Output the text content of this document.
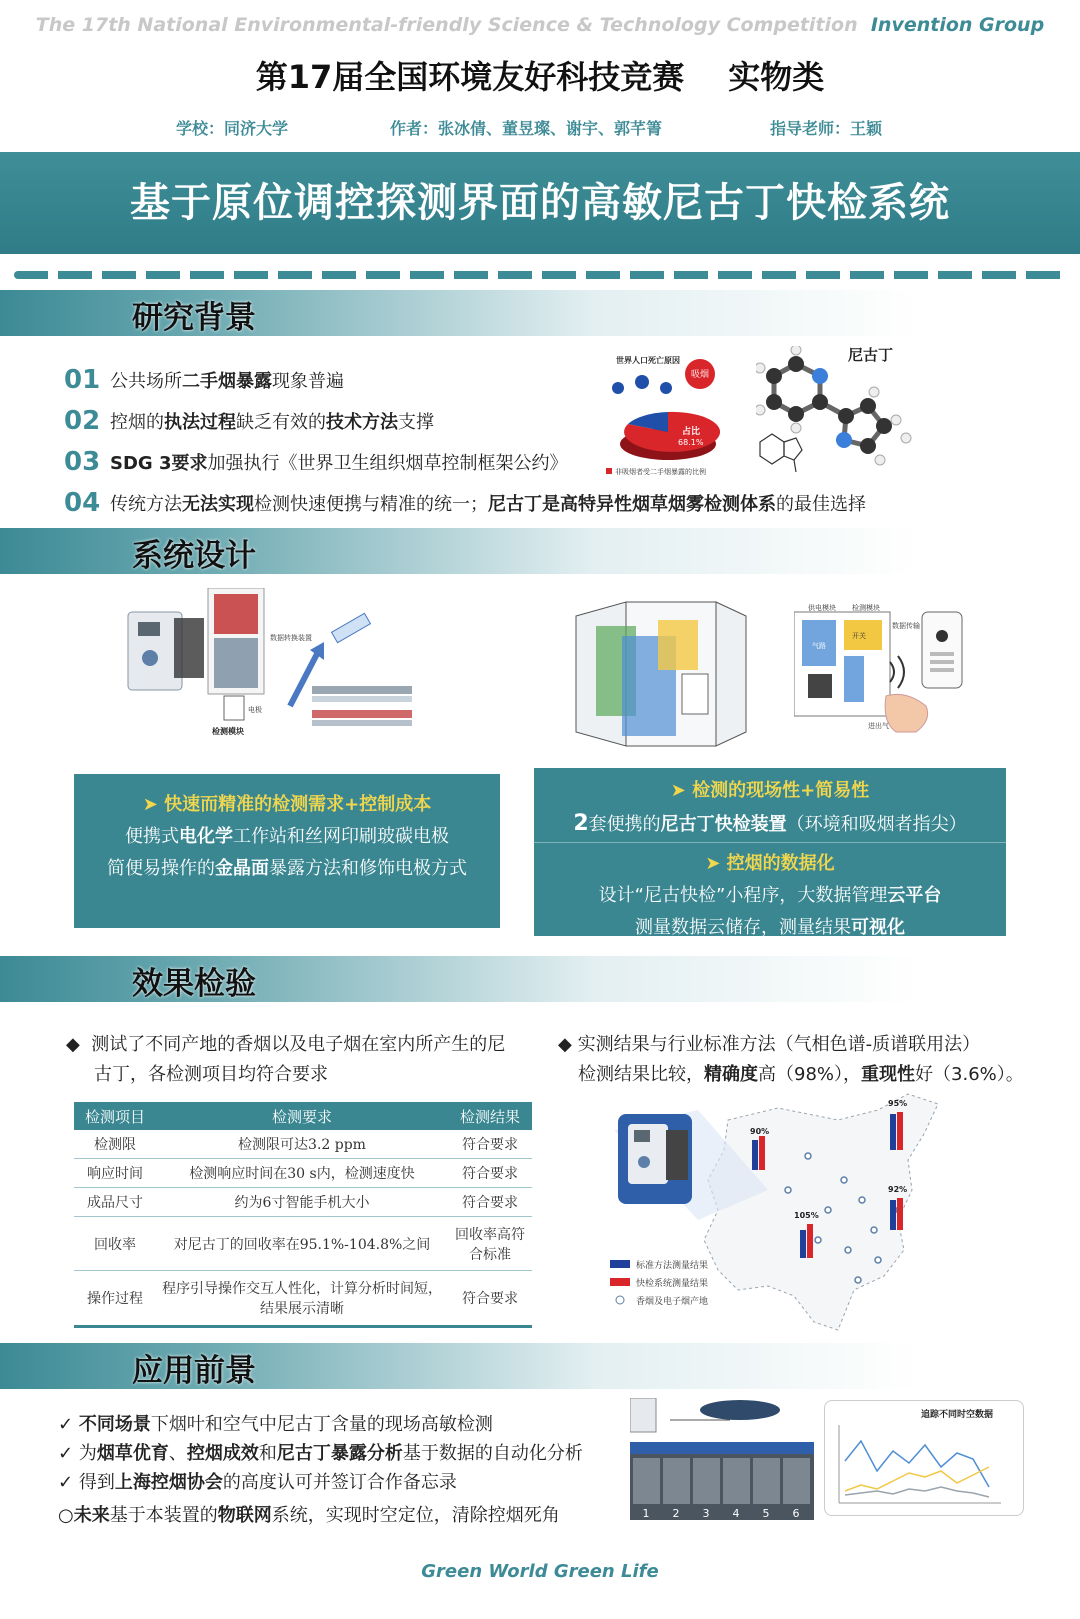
The 17th National Environmental-friendly Science & Technology Competition Invention Group
第17届全国环境友好科技竞赛 实物类
学校：同济大学	作者：张冰倩、董昱璨、谢宇、郭芊箐	指导老师：王颖
基于原位调控探测界面的高敏尼古丁快检系统
研究背景
01 公共场所 二手烟暴露 现象普遍
02 控烟的 执法过程 缺乏有效的 技术方法 支撑
03 SDG 3要求 加强执行《世界卫生组织烟草控制框架公约》
04 传统方法 无法实现 检测快速便携与精准的统一； 尼古丁是高特异性烟草烟雾检测体系 的最佳选择
世界人口死亡原因
吸烟
占比
68.1%
非吸烟者受二手烟暴露的比例
尼古丁
系统设计
电极
检测模块
数据转换装置
供电模块 检测模块
气路
开关
数据传输
进出气
➤ 快速而精准的检测需求+控制成本
便携式电化学工作站和丝网印刷玻碳电极
简便易操作的金晶面暴露方法和修饰电极方式
➤ 检测的现场性+简易性
2套便携的尼古丁快检装置（环境和吸烟者指尖）
➤ 控烟的数据化
设计“尼古快检”小程序，大数据管理云平台
测量数据云储存，测量结果可视化
效果检验
◆  测试了不同产地的香烟以及电子烟在室内所产生的尼
古丁，各检测项目均符合要求
◆ 实测结果与行业标准方法（气相色谱-质谱联用法）
检测结果比较，精确度高（98%），重现性好（3.6%）。
检测项目	检测要求	检测结果
检测限	检测限可达3.2 ppm	符合要求
响应时间	检测响应时间在30 s内，检测速度快	符合要求
成品尺寸	约为6寸智能手机大小	符合要求
回收率	对尼古丁的回收率在95.1%-104.8%之间	回收率高符合标准
操作过程	程序引导操作交互人性化，计算分析时间短，结果展示清晰	符合要求
90%
95%
92%
105%
标准方法测量结果
快检系统测量结果
香烟及电子烟产地
应用前景
✓ 不同场景下烟叶和空气中尼古丁含量的现场高敏检测
✓ 为烟草优育、控烟成效和尼古丁暴露分析基于数据的自动化分析
✓ 得到上海控烟协会的高度认可并签订合作备忘录
○未来基于本装置的物联网系统，实现时空定位，清除控烟死角	1 2 3 4 5 6
追踪不同时空数据
Green World Green Life
